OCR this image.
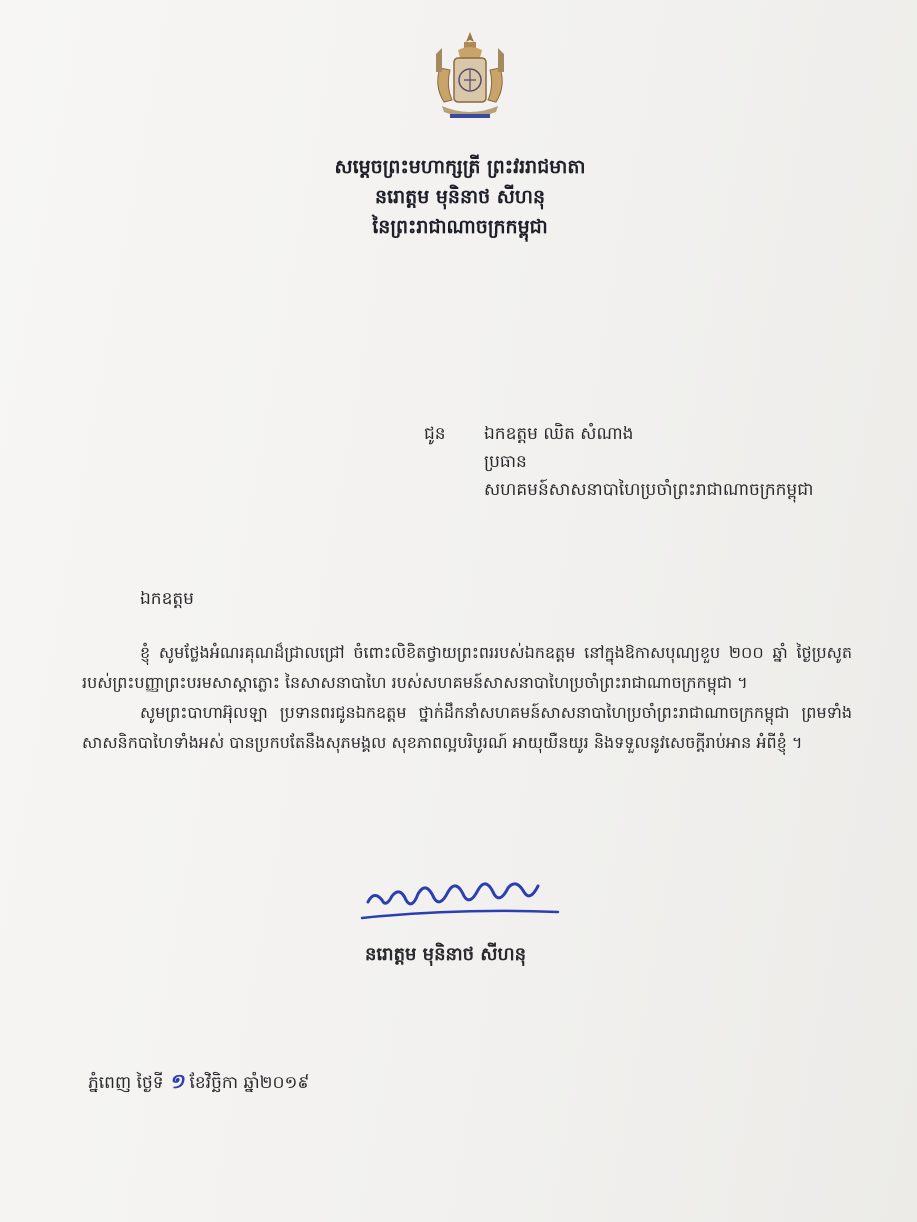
សម្ដេចព្រះមហាក្សត្រី ព្រះវររាជមាតា
នរោត្ដម មុនិនាថ សីហនុ
នៃព្រះរាជាណាចក្រកម្ពុជា
ជូន ឯកឧត្តម ឈិត សំណាង
ប្រធាន
សហគមន៍សាសនាបាហៃប្រចាំព្រះរាជាណាចក្រកម្ពុជា
ឯកឧត្តម

ខ្ញុំ សូមថ្លែងអំណរគុណដ៏ជ្រាលជ្រៅ ចំពោះលិខិតថ្វាយព្រះពររបស់ឯកឧត្តម នៅក្នុងឱកាសបុណ្យខួប ២០០ ឆ្នាំ ថ្ងៃប្រសូតរបស់ព្រះបញ្ញាព្រះបរមសាស្ដាភ្លោះ នៃសាសនាបាហៃ របស់សហគមន៍សាសនាបាហៃប្រចាំព្រះរាជាណាចក្រកម្ពុជា ។

សូមព្រះបាហាអ៊ុលឡា ប្រទានពរជូនឯកឧត្តម ថ្នាក់ដឹកនាំសហគមន៍សាសនាបាហៃប្រចាំព្រះរាជាណាចក្រកម្ពុជា ព្រមទាំងសាសនិកបាហៃទាំងអស់ បានប្រកបតែនឹងសុភមង្គល សុខភាពល្អបរិបូរណ៍ អាយុយឺនយូរ និងទទួលនូវសេចក្ដីរាប់អាន អំពីខ្ញុំ ។

នរោត្ដម មុនិនាថ សីហនុ
ភ្នំពេញ ថ្ងៃទី ១ ខែវិច្ឆិកា ឆ្នាំ២០១៩
